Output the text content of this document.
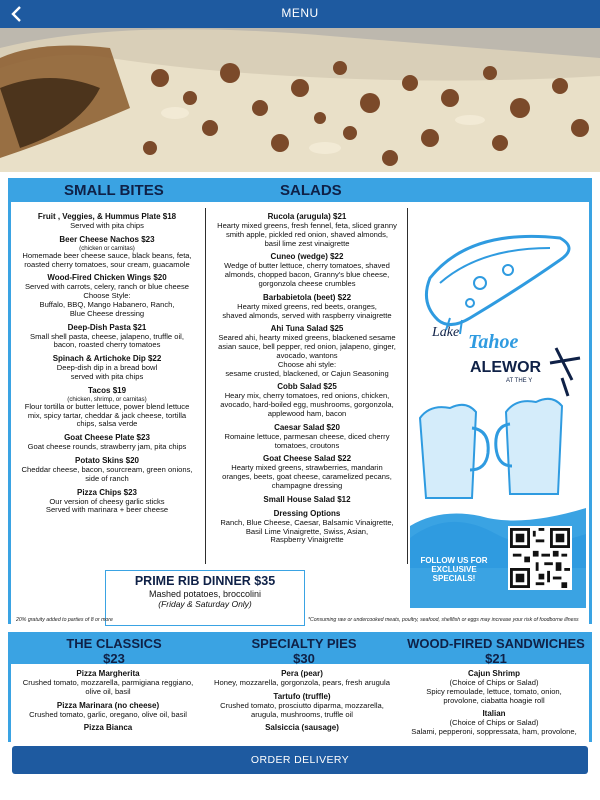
MENU
SMALL BITES	SALADS
Fruit , Veggies, & Hummus Plate $18
Served with pita chips
Beer Cheese Nachos $23
(chicken or carnitas)
Homemade beer cheese sauce, black beans, feta,
roasted cherry tomatoes, sour cream, guacamole
Wood-Fired Chicken Wings $20
Served with carrots, celery, ranch or blue cheese
Choose Style:
Buffalo, BBQ, Mango Habanero, Ranch,
Blue Cheese dressing
Deep-Dish Pasta $21
Small shell pasta, cheese, jalapeno, truffle oil,
bacon, roasted cherry tomatoes
Spinach & Artichoke Dip $22
Deep-dish dip in a bread bowl
served with pita chips
Tacos $19
(chicken, shrimp, or carnitas)
Flour tortilla or butter lettuce, power blend lettuce
mix, spicy tartar, cheddar & jack cheese, tortilla
chips, salsa verde
Goat Cheese Plate $23
Goat cheese rounds, strawberry jam, pita chips
Potato Skins $20
Cheddar cheese, bacon, sourcream, green onions,
side of ranch
Pizza Chips $23
Our version of cheesy garlic sticks
Served with marinara + beer cheese
Rucola (arugula) $21
Hearty mixed greens, fresh fennel, feta, sliced granny
smith apple, pickled red onion, shaved almonds,
basil lime zest vinaigrette
Cuneo (wedge) $22
Wedge of butter lettuce, cherry tomatoes, shaved
almonds, chopped bacon, Granny's blue cheese,
gorgonzola cheese crumbles
Barbabietola (beet) $22
Hearty mixed greens, red beets, oranges,
shaved almonds, served with raspberry vinaigrette
Ahi Tuna Salad $25
Seared ahi, hearty mixed greens, blackened sesame
asian sauce, bell pepper, red onion, jalapeno, ginger,
avocado, wantons
Choose ahi style:
sesame crusted, blackened, or Cajun Seasoning
Cobb Salad $25
Heary mix, cherry tomatoes, red onions, chicken,
avocado, hard-boiled egg, mushrooms, gorgonzola,
applewood ham, bacon
Caesar Salad $20
Romaine lettuce, parmesan cheese, diced cherry
tomatoes, croutons
Goat Cheese Salad $22
Hearty mixed greens, strawberries, mandarin
oranges, beets, goat cheese, caramelized pecans,
champagne dressing
Small House Salad $12
Dressing Options
Ranch, Blue Cheese, Caesar, Balsamic Vinaigrette,
Basil Lime Vinaigrette, Swiss, Asian,
Raspberry Vinaigrette
Lake Tahoe
ALEWOR
AT THE Y
FOLLOW US FOR EXCLUSIVE SPECIALS!
PRIME RIB DINNER $35
Mashed potatoes, broccolini
(Friday & Saturday Only)
20% gratuity added to parties of 8 or more	*Consuming raw or undercooked meats, poultry, seafood, shellfish or eggs may increase your risk of foodborne illness
THE CLASSICS
$23
SPECIALTY PIES
$30
WOOD-FIRED SANDWICHES
$21
Pizza Margherita
Crushed tomato, mozzarella, parmigiana reggiano,
olive oil, basil
Pizza Marinara (no cheese)
Crushed tomato, garlic, oregano, olive oil, basil
Pizza Bianca
Pera (pear)
Honey, mozzarella, gorgonzola, pears, fresh arugula
Tartufo (truffle)
Crushed tomato, prosciutto diparma, mozzarella,
arugula, mushrooms, truffle oil
Salsiccia (sausage)
Cajun Shrimp
(Choice of Chips or Salad)
Spicy remoulade, lettuce, tomato, onion,
provolone, ciabatta hoagie roll
Italian
(Choice of Chips or Salad)
Salami, pepperoni, soppressata, ham, provolone,
ORDER DELIVERY
